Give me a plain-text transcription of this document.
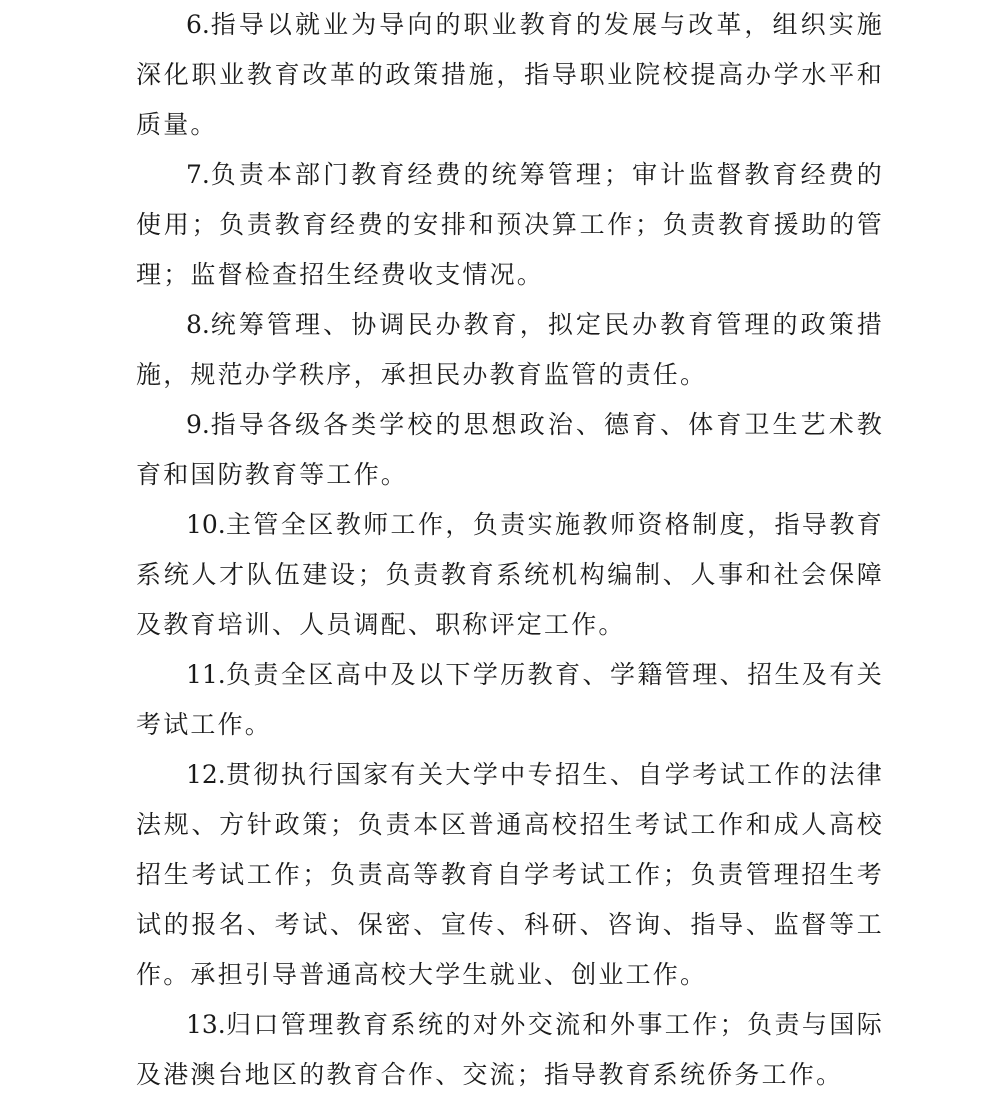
6.指导以就业为导向的职业教育的发展与改革，组织实施深化职业教育改革的政策措施，指导职业院校提高办学水平和质量。

7.负责本部门教育经费的统筹管理；审计监督教育经费的使用；负责教育经费的安排和预决算工作；负责教育援助的管理；监督检查招生经费收支情况。

8.统筹管理、协调民办教育，拟定民办教育管理的政策措施，规范办学秩序，承担民办教育监管的责任。

9.指导各级各类学校的思想政治、德育、体育卫生艺术教育和国防教育等工作。

10.主管全区教师工作，负责实施教师资格制度，指导教育系统人才队伍建设；负责教育系统机构编制、人事和社会保障及教育培训、人员调配、职称评定工作。

11.负责全区高中及以下学历教育、学籍管理、招生及有关考试工作。

12.贯彻执行国家有关大学中专招生、自学考试工作的法律法规、方针政策；负责本区普通高校招生考试工作和成人高校招生考试工作；负责高等教育自学考试工作；负责管理招生考试的报名、考试、保密、宣传、科研、咨询、指导、监督等工作。承担引导普通高校大学生就业、创业工作。

13.归口管理教育系统的对外交流和外事工作；负责与国际及港澳台地区的教育合作、交流；指导教育系统侨务工作。
